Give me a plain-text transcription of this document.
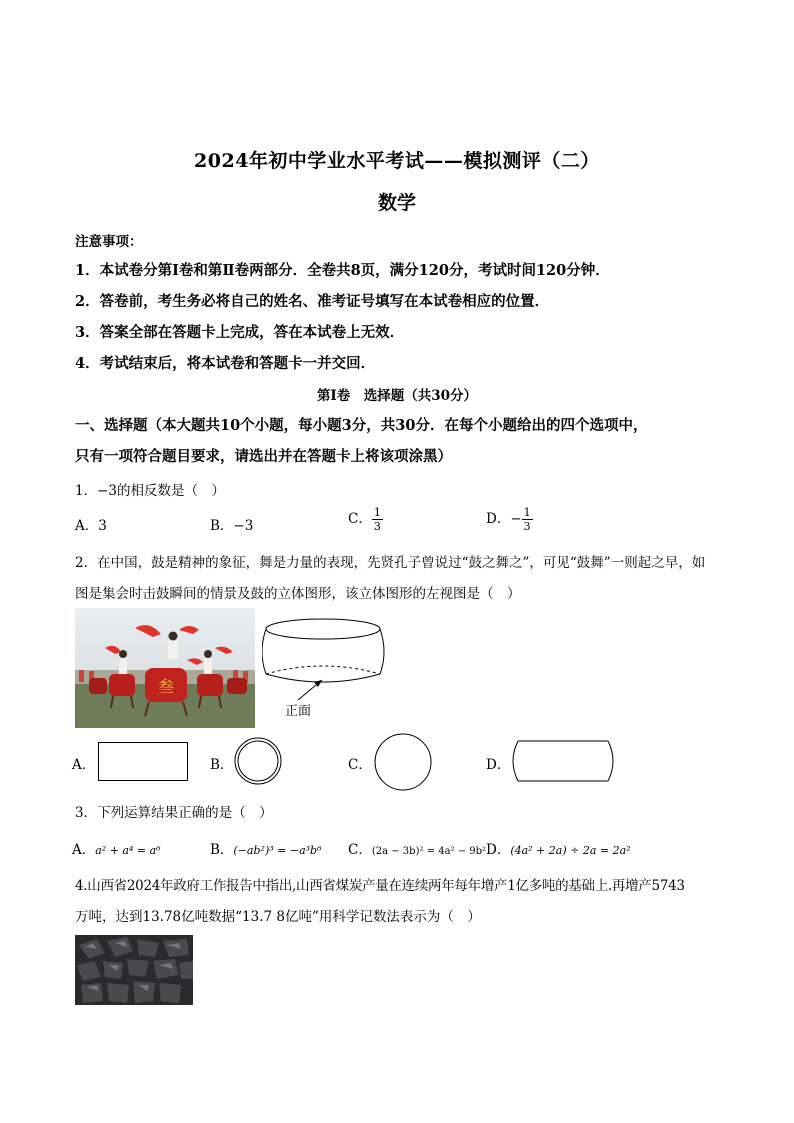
2024年初中学业水平考试——模拟测评（二）
数学
注意事项：
1．本试卷分第Ⅰ卷和第Ⅱ卷两部分．全卷共8页，满分120分，考试时间120分钟．
2．答卷前，考生务必将自己的姓名、准考证号填写在本试卷相应的位置．
3．答案全部在答题卡上完成，答在本试卷上无效．
4．考试结束后，将本试卷和答题卡一并交回．
第Ⅰ卷　选择题（共30分）
一、选择题（本大题共10个小题，每小题3分，共30分．在每个小题给出的四个选项中，
只有一项符合题目要求，请选出并在答题卡上将该项涂黑）
1．−3的相反数是（　）
A．3	B．−3	C． $\frac{1}{3}$	D．− $\frac{1}{3}$
2．在中国，鼓是精神的象征，舞是力量的表现，先贤孔子曾说过“鼓之舞之”，可见“鼓舞”一则起之早，如
图是集会时击鼓瞬间的情景及鼓的立体图形，该立体图形的左视图是（　）
叁
正面
A．	B．	C．	D．
3．下列运算结果正确的是（　）
A．a² + a⁴ = a⁶	B．(−ab²)³ = −a³b⁶ C．(2a − 3b)² = 4a² − 9b² D．(4a² + 2a) ÷ 2a = 2a²
4.山西省2024年政府工作报告中指出,山西省煤炭产量在连续两年每年增产1亿多吨的基础上.再增产5743
万吨，达到13.78亿吨数据“13.7 8亿吨”用科学记数法表示为（　）
